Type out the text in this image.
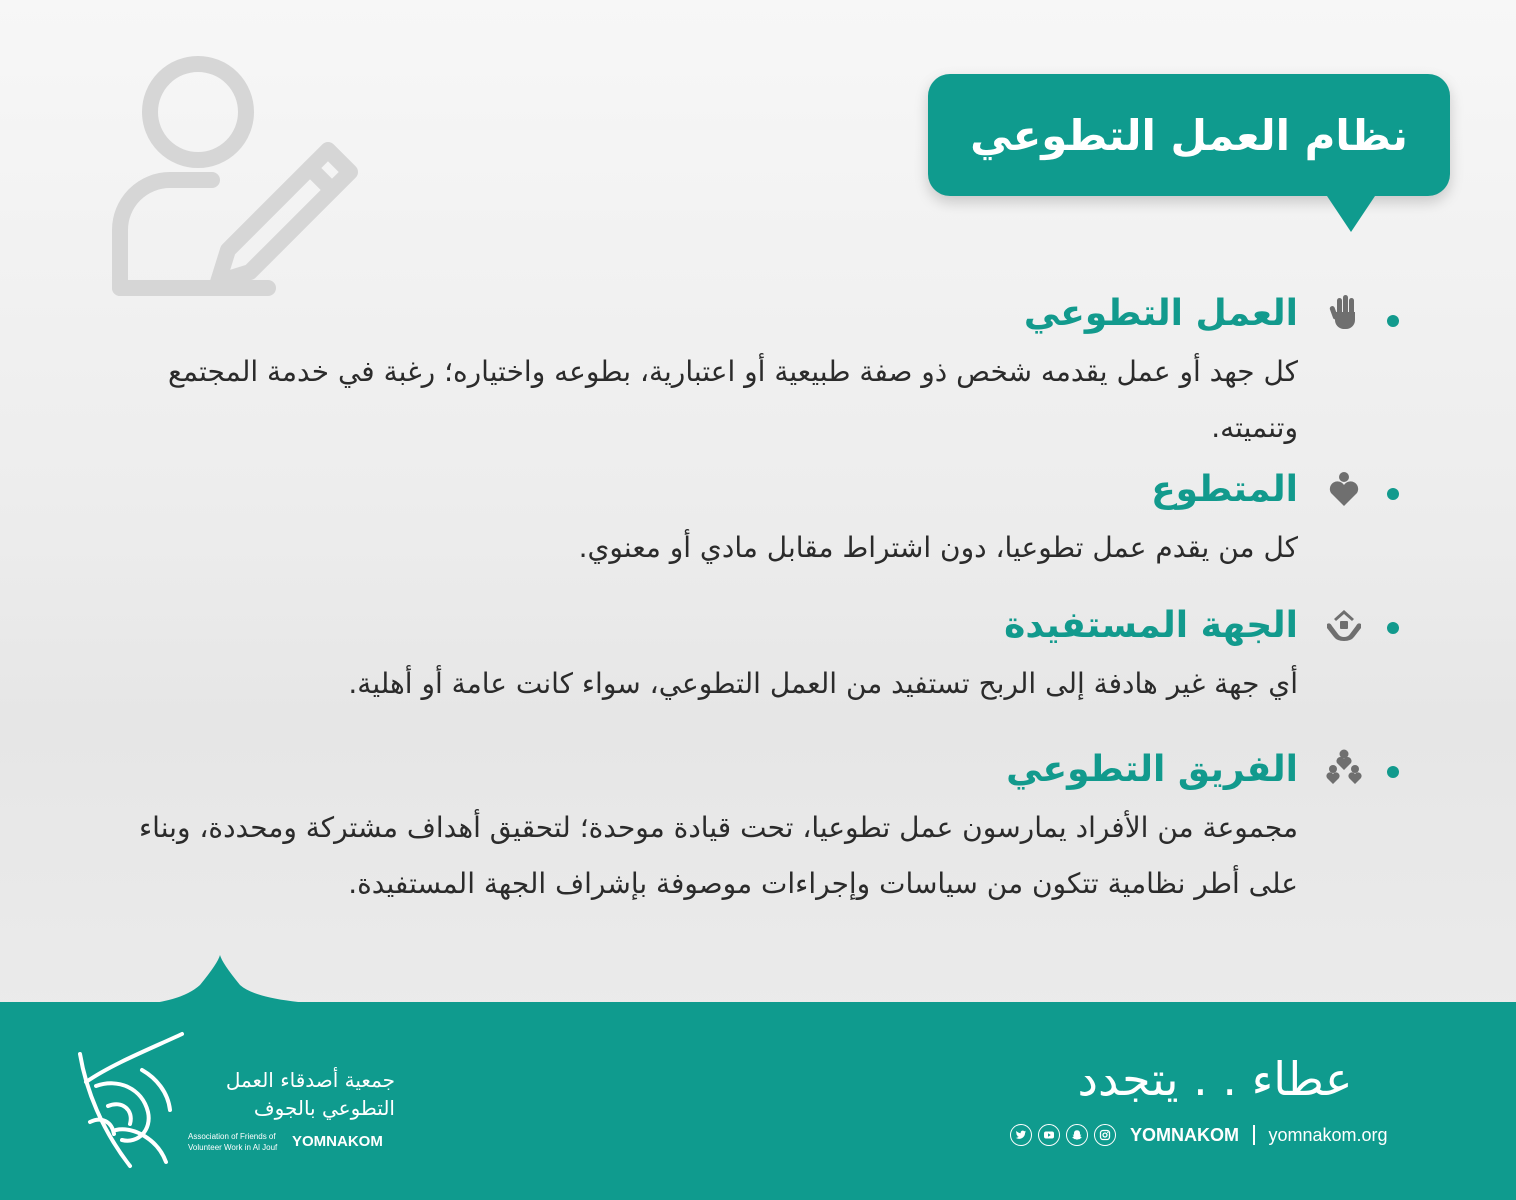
نظام العمل التطوعي
العمل التطوعي
كل جهد أو عمل يقدمه شخص ذو صفة طبيعية أو اعتبارية، بطوعه واختياره؛ رغبة في خدمة المجتمع وتنميته.
المتطوع
كل من يقدم عمل تطوعيا، دون اشتراط مقابل مادي أو معنوي.
الجهة المستفيدة
أي جهة غير هادفة إلى الربح تستفيد من العمل التطوعي، سواء كانت عامة أو أهلية.
الفريق التطوعي
مجموعة من الأفراد يمارسون عمل تطوعيا، تحت قيادة موحدة؛ لتحقيق أهداف مشتركة ومحددة، وبناء على أطر نظامية تتكون من سياسات وإجراءات موصوفة بإشراف الجهة المستفيدة.
جمعية أصدقاء العمل
التطوعي بالجوف
Association of Friends of
Volunteer Work in Al Jouf YOMNAKOM
عطاء . . يتجدد
YOMNAKOM yomnakom.org
